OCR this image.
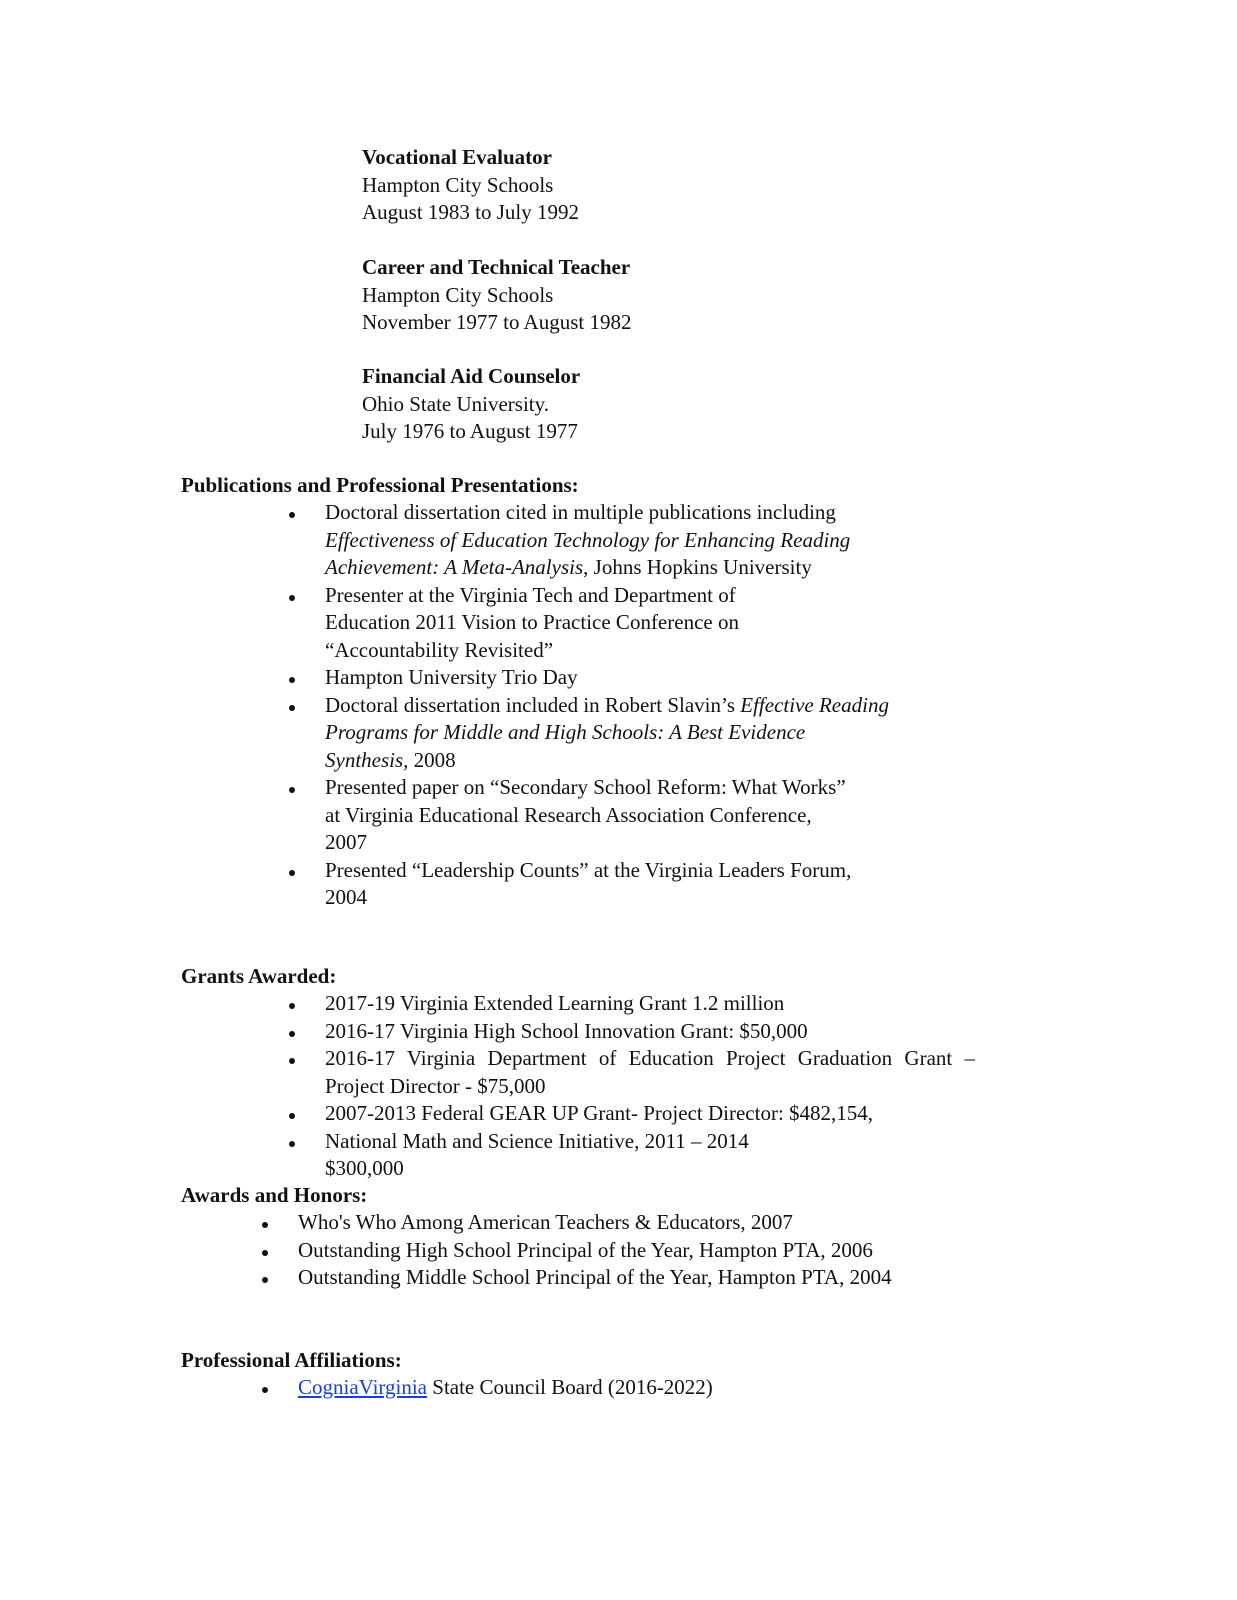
Vocational Evaluator
Hampton City Schools
August 1983 to July 1992
Career and Technical Teacher
Hampton City Schools
November 1977 to August 1982
Financial Aid Counselor
Ohio State University.
July 1976 to August 1977
Publications and Professional Presentations:
Doctoral dissertation cited in multiple publications including Effectiveness of Education Technology for Enhancing Reading Achievement: A Meta-Analysis, Johns Hopkins University
Presenter at the Virginia Tech and Department of Education 2011 Vision to Practice Conference on “Accountability Revisited”
Hampton University Trio Day
Doctoral dissertation included in Robert Slavin’s Effective Reading Programs for Middle and High Schools: A Best Evidence Synthesis, 2008
Presented paper on “Secondary School Reform: What Works” at Virginia Educational Research Association Conference, 2007
Presented “Leadership Counts” at the Virginia Leaders Forum, 2004
Grants Awarded:
2017-19 Virginia Extended Learning Grant 1.2 million
2016-17 Virginia High School Innovation Grant: $50,000
2016-17 Virginia Department of Education Project Graduation Grant – Project Director - $75,000
2007-2013 Federal GEAR UP Grant- Project Director: $482,154,
National Math and Science Initiative, 2011 – 2014 $300,000
Awards and Honors:
Who's Who Among American Teachers & Educators, 2007
Outstanding High School Principal of the Year, Hampton PTA, 2006
Outstanding Middle School Principal of the Year, Hampton PTA, 2004
Professional Affiliations:
CogniaVirginia State Council Board (2016-2022)
